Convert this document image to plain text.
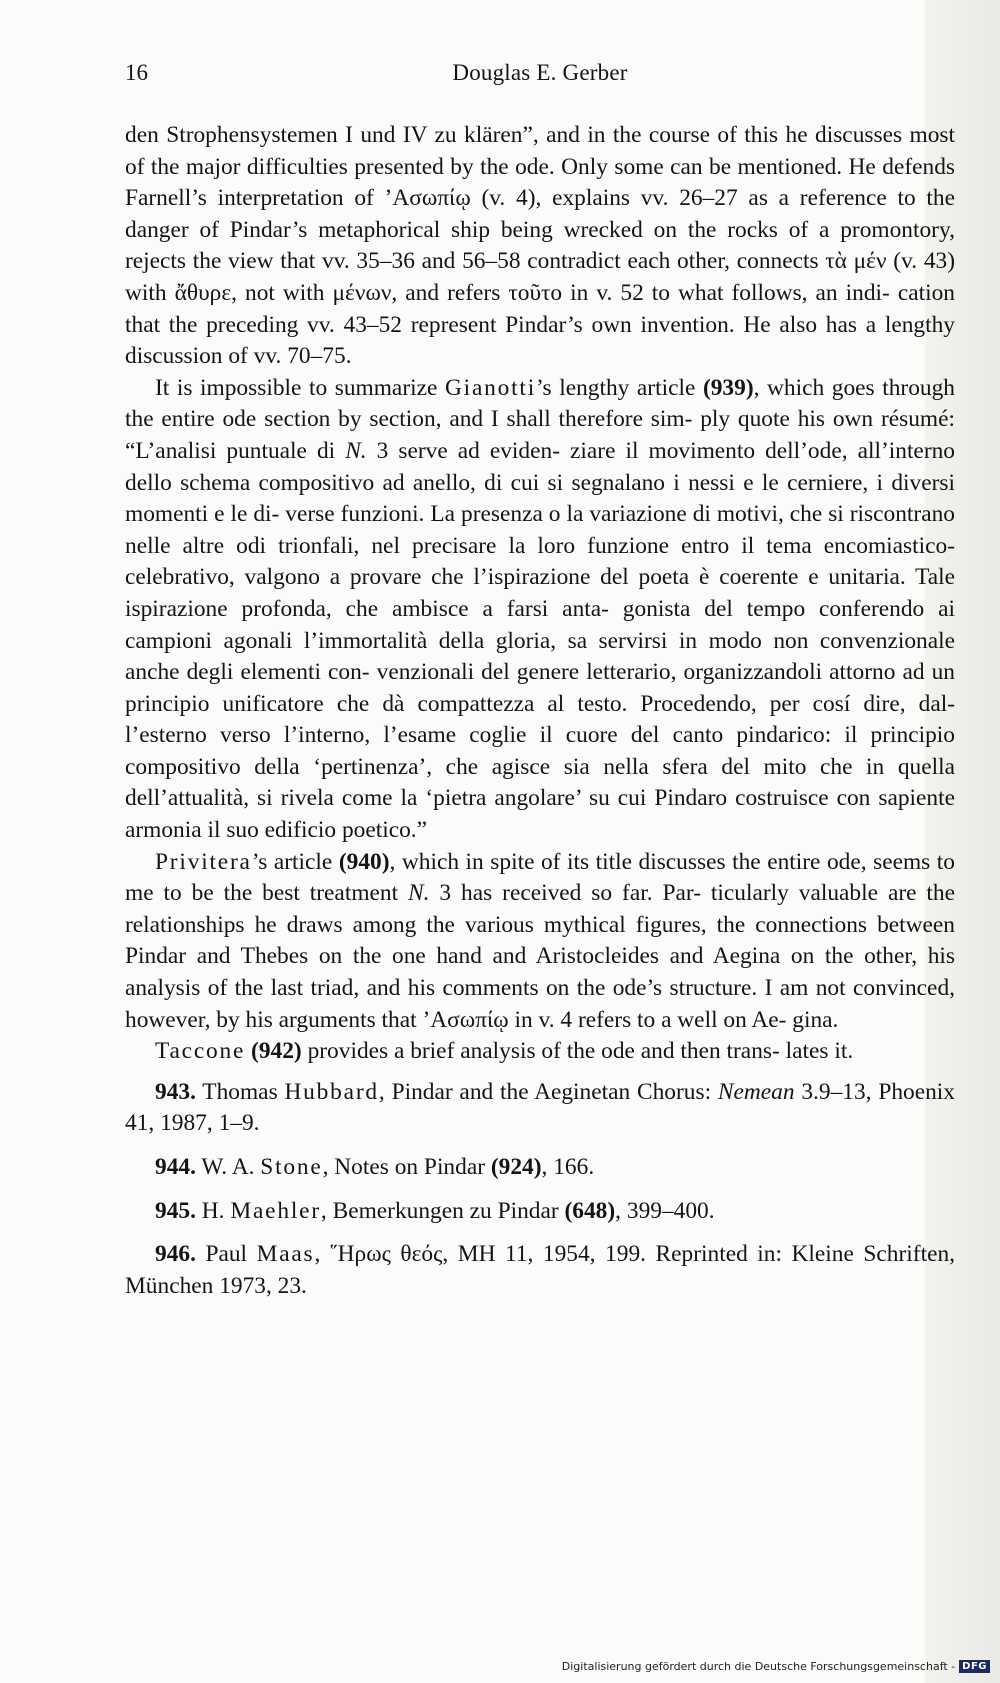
16	Douglas E. Gerber

den Strophensystemen I und IV zu klären”, and in the course of this he discusses most of the major difficulties presented by the ode. Only some can be mentioned. He defends Farnell’s interpretation of ’Ασωπίῳ (v. 4), explains vv. 26–27 as a reference to the danger of Pindar’s metaphorical ship being wrecked on the rocks of a promontory, rejects the view that vv. 35–36 and 56–58 contradict each other, connects τὰ μέν (v. 43) with ἄθυρε, not with μένων, and refers τοῦτο in v. 52 to what follows, an indi- cation that the preceding vv. 43–52 represent Pindar’s own invention. He also has a lengthy discussion of vv. 70–75.

It is impossible to summarize Gianotti’s lengthy article (939), which goes through the entire ode section by section, and I shall therefore sim- ply quote his own résumé: “L’analisi puntuale di N. 3 serve ad eviden- ziare il movimento dell’ode, all’interno dello schema compositivo ad anello, di cui si segnalano i nessi e le cerniere, i diversi momenti e le di- verse funzioni. La presenza o la variazione di motivi, che si riscontrano nelle altre odi trionfali, nel precisare la loro funzione entro il tema encomiastico-celebrativo, valgono a provare che l’ispirazione del poeta è coerente e unitaria. Tale ispirazione profonda, che ambisce a farsi anta- gonista del tempo conferendo ai campioni agonali l’immortalità della gloria, sa servirsi in modo non convenzionale anche degli elementi con- venzionali del genere letterario, organizzandoli attorno ad un principio unificatore che dà compattezza al testo. Procedendo, per cosí dire, dal- l’esterno verso l’interno, l’esame coglie il cuore del canto pindarico: il principio compositivo della ‘pertinenza’, che agisce sia nella sfera del mito che in quella dell’attualità, si rivela come la ‘pietra angolare’ su cui Pindaro costruisce con sapiente armonia il suo edificio poetico.”

Privitera’s article (940), which in spite of its title discusses the entire ode, seems to me to be the best treatment N. 3 has received so far. Par- ticularly valuable are the relationships he draws among the various mythical figures, the connections between Pindar and Thebes on the one hand and Aristocleides and Aegina on the other, his analysis of the last triad, and his comments on the ode’s structure. I am not convinced, however, by his arguments that ’Ασωπίῳ in v. 4 refers to a well on Ae- gina.

Taccone (942) provides a brief analysis of the ode and then trans- lates it.

943. Thomas Hubbard, Pindar and the Aeginetan Chorus: Nemean 3.9–13, Phoenix 41, 1987, 1–9.

944. W. A. Stone, Notes on Pindar (924), 166.

945. H. Maehler, Bemerkungen zu Pindar (648), 399–400.

946. Paul Maas, ῞Ηρως θεός, MH 11, 1954, 199. Reprinted in: Kleine Schriften, München 1973, 23.

Digitalisierung gefördert durch die Deutsche Forschungsgemeinschaft - DFG
